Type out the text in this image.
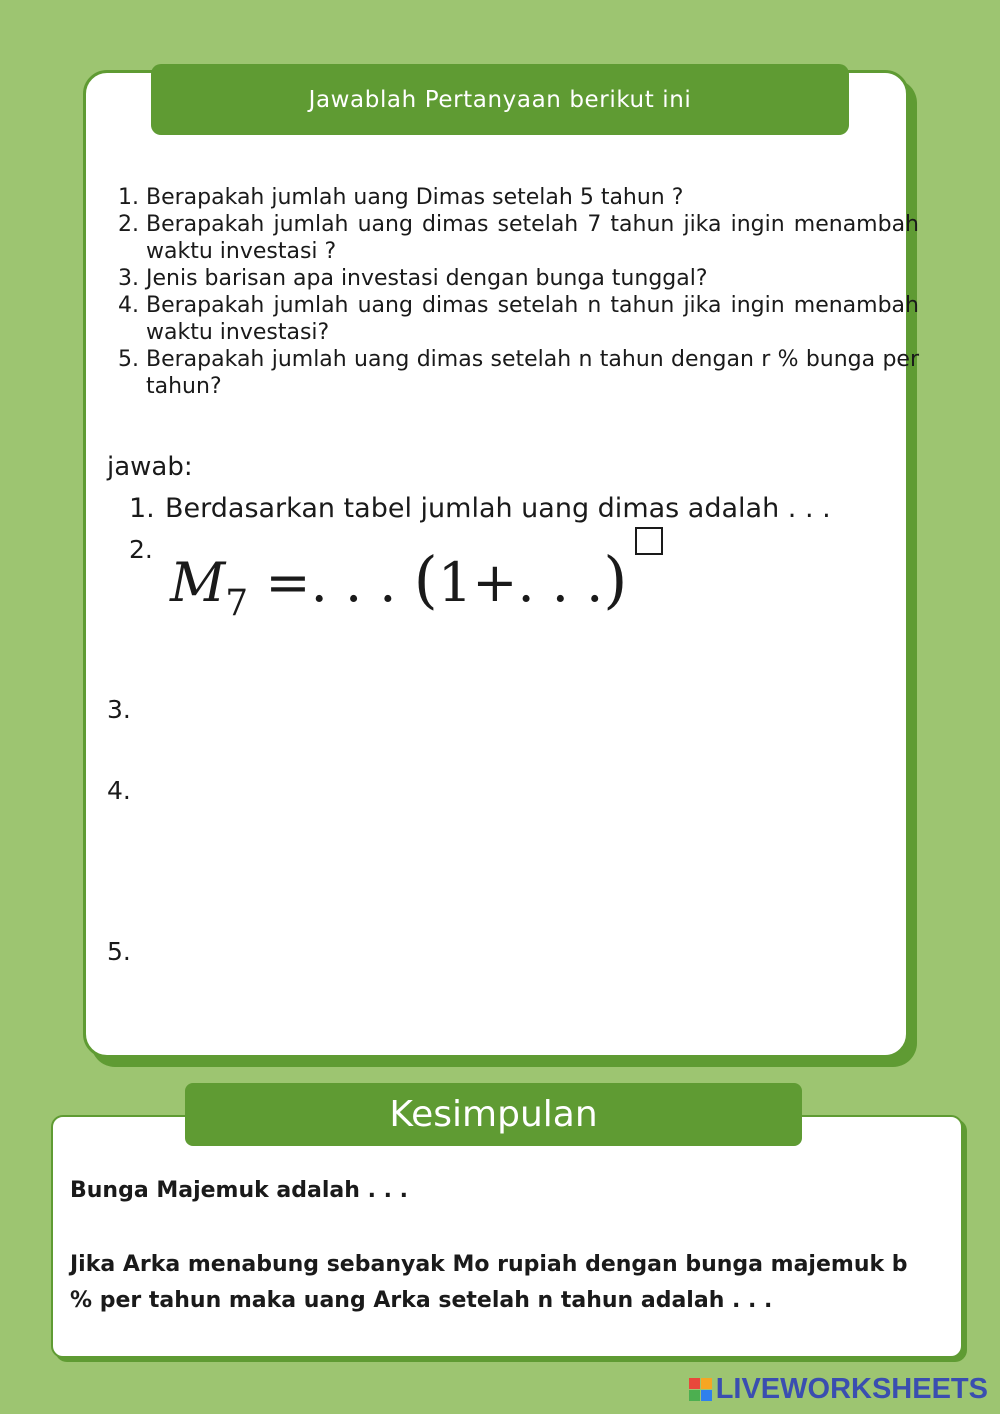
Jawablah Pertanyaan berikut ini
1. Berapakah jumlah uang Dimas setelah 5 tahun ?
2. Berapakah jumlah uang dimas setelah 7 tahun jika ingin menambah waktu investasi ?
3. Jenis barisan apa investasi dengan bunga tunggal?
4. Berapakah jumlah uang dimas setelah n tahun jika ingin menambah waktu investasi?
5. Berapakah jumlah uang dimas setelah n tahun dengan r % bunga per tahun?
jawab:
1. Berdasarkan tabel jumlah uang dimas adalah . . .
2.
$M_7$ =. . . (1+. . .)
3.
4.
5.
Kesimpulan
Bunga Majemuk adalah . . .
Jika Arka menabung sebanyak Mo rupiah dengan bunga majemuk b % per tahun maka uang Arka setelah n tahun adalah . . .
LIVEWORKSHEETS
